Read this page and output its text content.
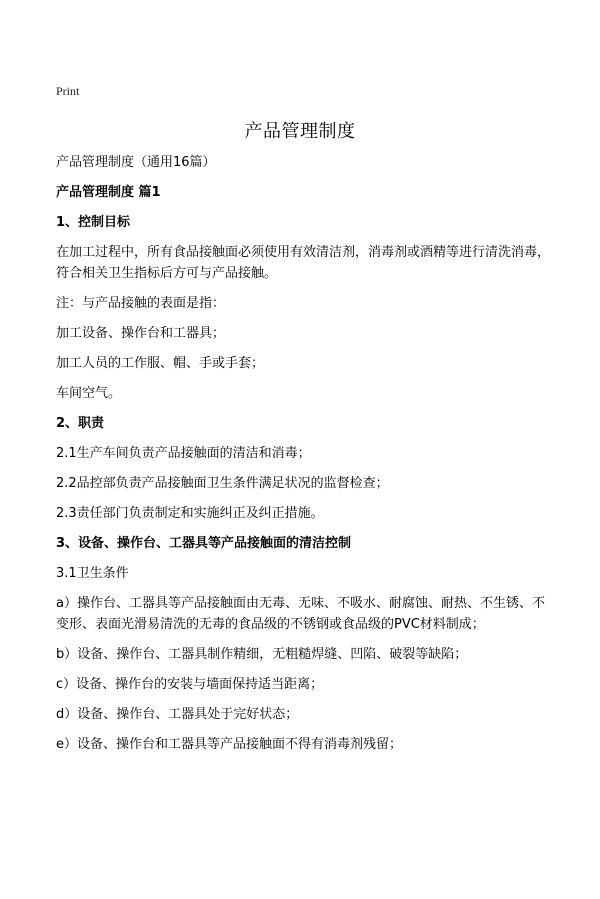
Print
产品管理制度

产品管理制度（通用16篇）

产品管理制度 篇1

1、控制目标

在加工过程中，所有食品接触面必须使用有效清洁剂，消毒剂或酒精等进行清洗消毒，符合相关卫生指标后方可与产品接触。

注：与产品接触的表面是指：

加工设备、操作台和工器具；

加工人员的工作服、帽、手或手套；

车间空气。

2、职责

2.1生产车间负责产品接触面的清洁和消毒；

2.2品控部负责产品接触面卫生条件满足状况的监督检查；

2.3责任部门负责制定和实施纠正及纠正措施。

3、设备、操作台、工器具等产品接触面的清洁控制

3.1卫生条件

a）操作台、工器具等产品接触面由无毒、无味、不吸水、耐腐蚀、耐热、不生锈、不变形、表面光滑易清洗的无毒的食品级的不锈钢或食品级的PVC材料制成；

b）设备、操作台、工器具制作精细，无粗糙焊缝、凹陷、破裂等缺陷；

c）设备、操作台的安装与墙面保持适当距离；

d）设备、操作台、工器具处于完好状态；

e）设备、操作台和工器具等产品接触面不得有消毒剂残留；
